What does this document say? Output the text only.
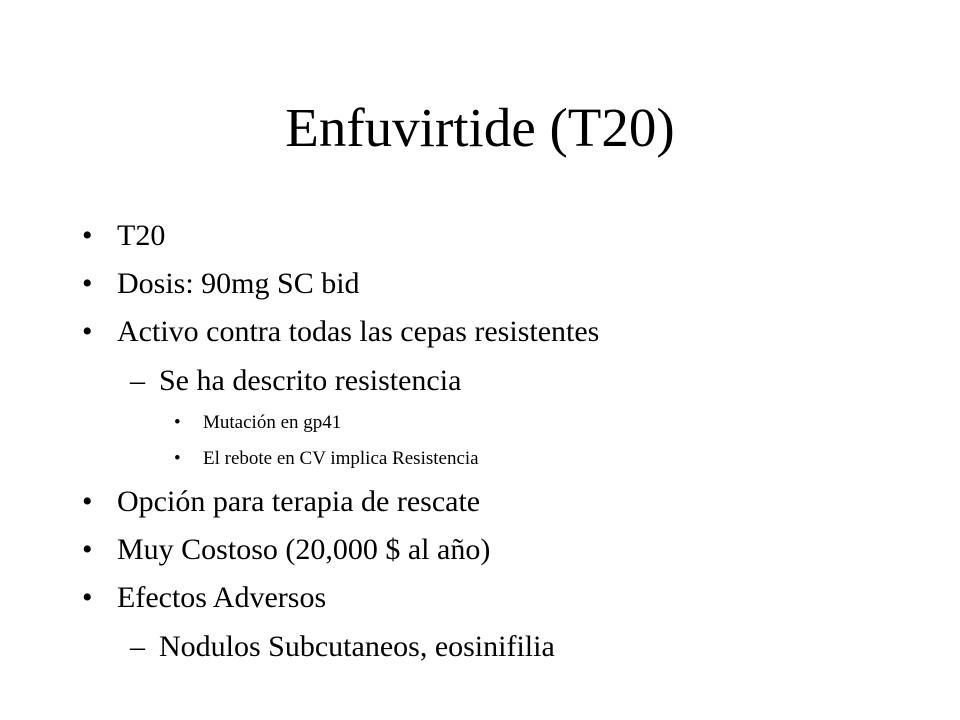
Enfuvirtide (T20)
• T20
• Dosis: 90mg SC bid
• Activo contra todas las cepas resistentes
– Se ha descrito resistencia
• Mutación en gp41
• El rebote en CV implica Resistencia
• Opción para terapia de rescate
• Muy Costoso (20,000 $ al año)
• Efectos Adversos
– Nodulos Subcutaneos, eosinifilia
